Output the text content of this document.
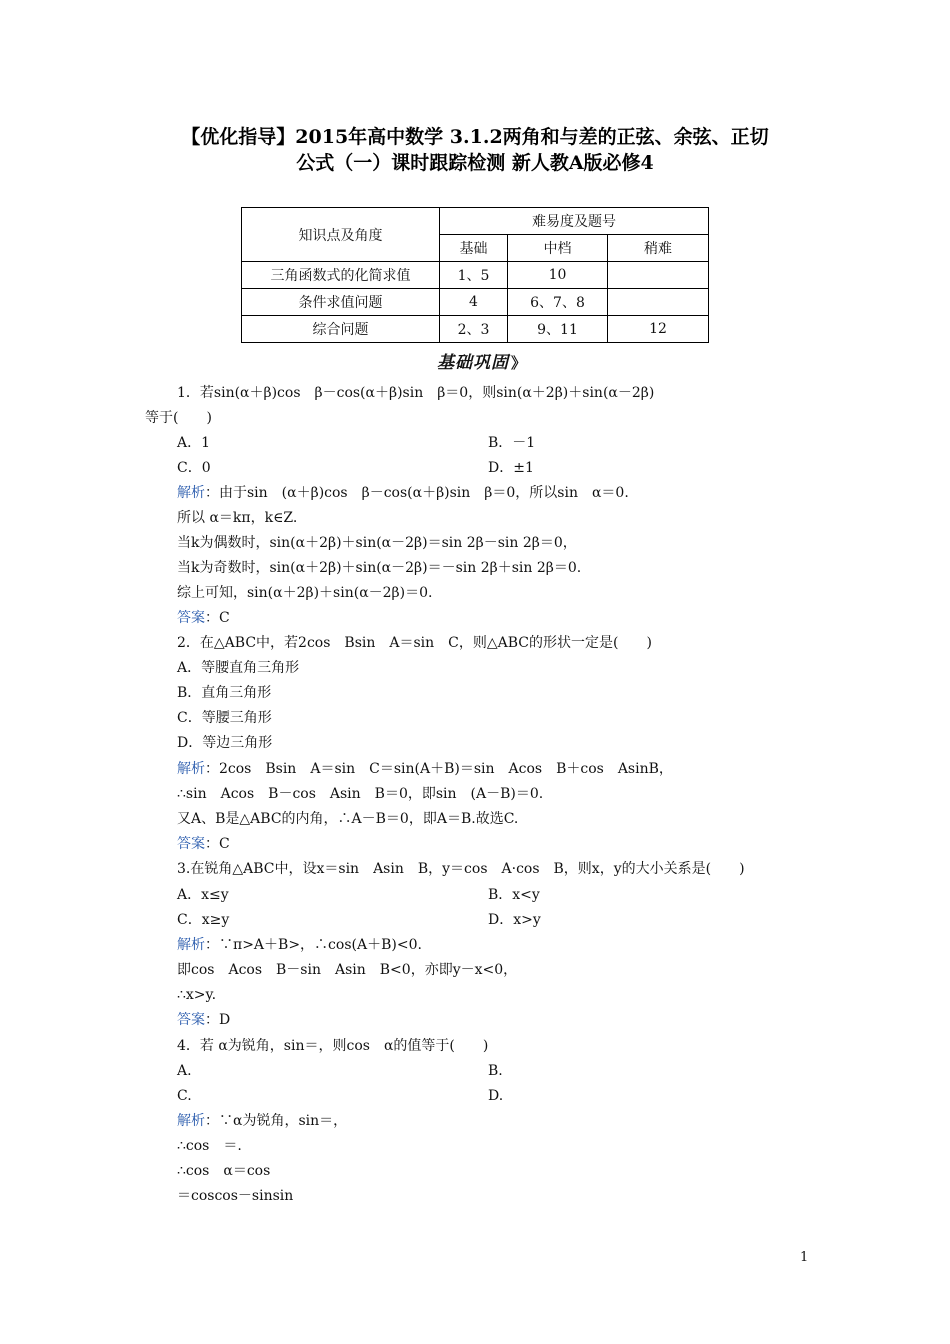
【优化指导】2015年高中数学 3.1.2两角和与差的正弦、余弦、正切
公式（一）课时跟踪检测 新人教A版必修4
知识点及角度	难易度及题号		
	基础	中档	稍难
三角函数式的化简求值	1、5	10	
条件求值问题	4	6、7、8	
综合问题	2、3	9、11	12
基础巩固 》
1．若sin(α＋β)cos　β－cos(α＋β)sin　β＝0，则sin(α＋2β)＋sin(α－2β)
等于(　　)
A．1	B．－1
C．0	D．±1
解析：由于sin　(α＋β)cos　β－cos(α＋β)sin　β＝0，所以sin　α＝0.
所以 α＝kπ，k∈Z.
当k为偶数时，sin(α＋2β)＋sin(α－2β)＝sin 2β－sin 2β＝0，
当k为奇数时，sin(α＋2β)＋sin(α－2β)＝－sin 2β＋sin 2β＝0.
综上可知，sin(α＋2β)＋sin(α－2β)＝0.
答案：C
2．在△ABC中，若2cos　Bsin　A＝sin　C，则△ABC的形状一定是(　　)
A．等腰直角三角形
B．直角三角形
C．等腰三角形
D．等边三角形
解析：2cos　Bsin　A＝sin　C＝sin(A＋B)＝sin　Acos　B＋cos　AsinB，
∴sin　Acos　B－cos　Asin　B＝0，即sin　(A－B)＝0.
又A、B是△ABC的内角，∴A－B＝0，即A＝B.故选C.
答案：C
3.在锐角△ABC中，设x＝sin　Asin　B，y＝cos　A·cos　B，则x，y的大小关系是(　　)
A．x≤y	B．x<y
C．x≥y	D．x>y
解析：∵π>A＋B>，∴cos(A＋B)<0.
即cos　Acos　B－sin　Asin　B<0，亦即y－x<0，
∴x>y.
答案：D
4．若 α为锐角，sin＝，则cos　α的值等于(　　)
A.	B.
C.	D.
解析：∵α为锐角，sin＝，
∴cos　＝.
∴cos　α＝cos
＝coscos－sinsin
1
